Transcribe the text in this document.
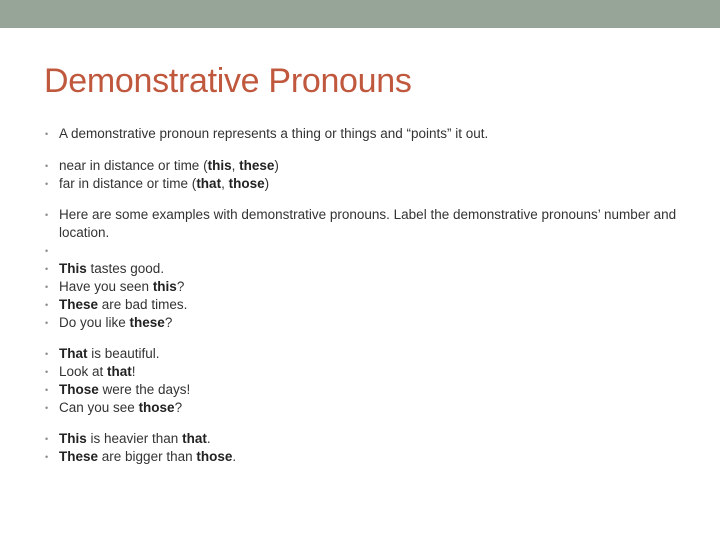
Demonstrative Pronouns
• A demonstrative pronoun represents a thing or things and “points” it out.
• near in distance or time (this, these)
• far in distance or time (that, those)
• Here are some examples with demonstrative pronouns. Label the demonstrative pronouns’ number and location.
•

• This tastes good.
• Have you seen this?
• These are bad times.
• Do you like these?
• That is beautiful.
• Look at that!
• Those were the days!
• Can you see those?
• This is heavier than that.
• These are bigger than those.
